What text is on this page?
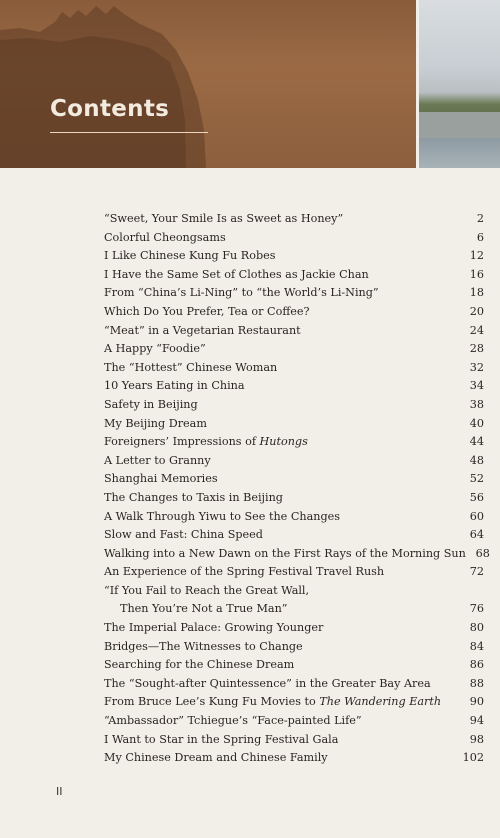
Contents
“Sweet, Your Smile Is as Sweet as Honey”	2
Colorful Cheongsams	6
I Like Chinese Kung Fu Robes	12
I Have the Same Set of Clothes as Jackie Chan	16
From “China’s Li-Ning” to “the World’s Li-Ning”	18
Which Do You Prefer, Tea or Coffee?	20
“Meat” in a Vegetarian Restaurant	24
A Happy “Foodie”	28
The “Hottest” Chinese Woman	32
10 Years Eating in China	34
Safety in Beijing	38
My Beijing Dream	40
Foreigners’ Impressions of Hutongs	44
A Letter to Granny	48
Shanghai Memories	52
The Changes to Taxis in Beijing	56
A Walk Through Yiwu to See the Changes	60
Slow and Fast: China Speed	64
Walking into a New Dawn on the First Rays of the Morning Sun 68
An Experience of the Spring Festival Travel Rush	72
“If You Fail to Reach the Great Wall,
Then You’re Not a True Man”	76
The Imperial Palace: Growing Younger	80
Bridges—The Witnesses to Change	84
Searching for the Chinese Dream	86
The “Sought-after Quintessence” in the Greater Bay Area	88
From Bruce Lee’s Kung Fu Movies to The Wandering Earth	90
“Ambassador” Tchiegue’s “Face-painted Life”	94
I Want to Star in the Spring Festival Gala	98
My Chinese Dream and Chinese Family	102
II
